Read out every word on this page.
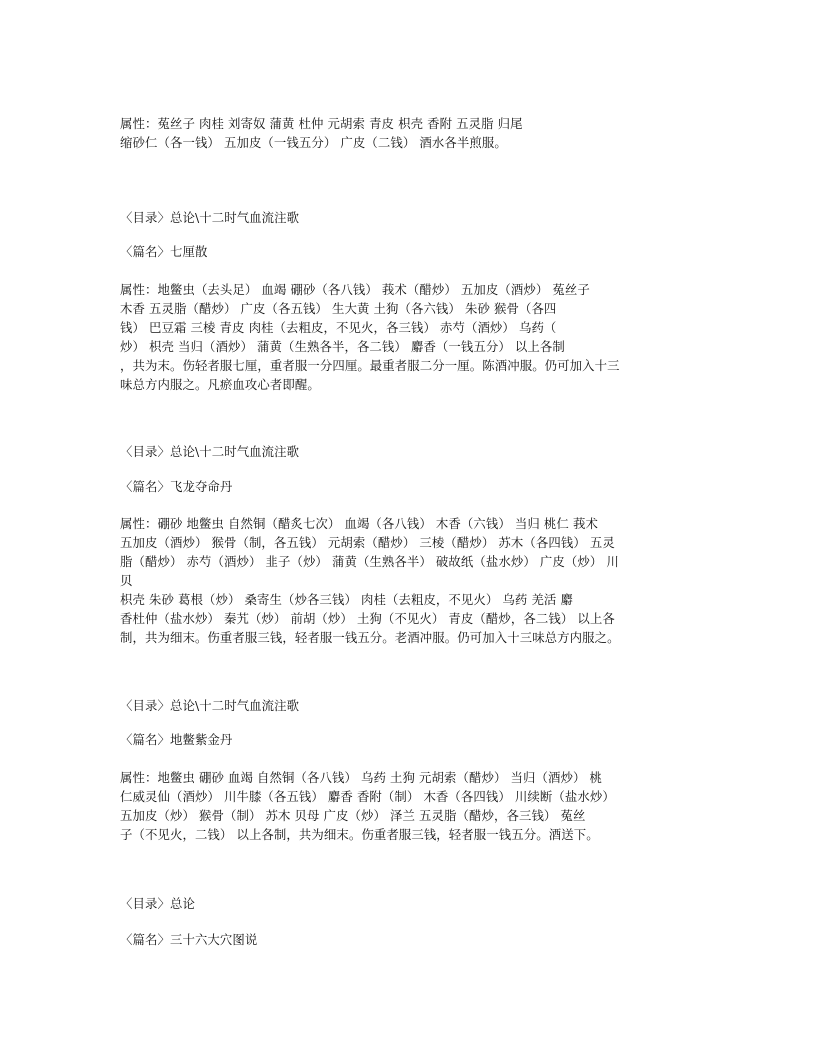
属性：菟丝子 肉桂 刘寄奴 蒲黄 杜仲 元胡索 青皮 枳壳 香附 五灵脂 归尾
缩砂仁（各一钱） 五加皮（一钱五分） 广皮（二钱） 酒水各半煎服。
〈目录〉总论\十二时气血流注歌
〈篇名〉七厘散
属性：地鳖虫（去头足） 血竭 硼砂（各八钱） 莪术（醋炒） 五加皮（酒炒） 菟丝子
木香 五灵脂（醋炒） 广皮（各五钱） 生大黄 土狗（各六钱） 朱砂 猴骨（各四
钱） 巴豆霜 三棱 青皮 肉桂（去粗皮，不见火，各三钱） 赤芍（酒炒） 乌药（
炒） 枳壳 当归（酒炒） 蒲黄（生熟各半，各二钱） 麝香（一钱五分） 以上各制
，共为末。伤轻者服七厘，重者服一分四厘。最重者服二分一厘。陈酒冲服。仍可加入十三
味总方内服之。凡瘀血攻心者即醒。
〈目录〉总论\十二时气血流注歌
〈篇名〉飞龙夺命丹
属性：硼砂 地鳖虫 自然铜（醋炙七次） 血竭（各八钱） 木香（六钱） 当归 桃仁 莪术
五加皮（酒炒） 猴骨（制，各五钱） 元胡索（醋炒） 三棱（醋炒） 苏木（各四钱） 五灵
脂（醋炒） 赤芍（酒炒） 韭子（炒） 蒲黄（生熟各半） 破故纸（盐水炒） 广皮（炒） 川
贝
枳壳 朱砂 葛根（炒） 桑寄生（炒各三钱） 肉桂（去粗皮，不见火） 乌药 羌活 麝
香杜仲（盐水炒） 秦艽（炒） 前胡（炒） 土狗（不见火） 青皮（醋炒，各二钱） 以上各
制，共为细末。伤重者服三钱，轻者服一钱五分。老酒冲服。仍可加入十三味总方内服之。
〈目录〉总论\十二时气血流注歌
〈篇名〉地鳖紫金丹
属性：地鳖虫 硼砂 血竭 自然铜（各八钱） 乌药 土狗 元胡索（醋炒） 当归（酒炒） 桃
仁威灵仙（酒炒） 川牛膝（各五钱） 麝香 香附（制） 木香（各四钱） 川续断（盐水炒）
五加皮（炒） 猴骨（制） 苏木 贝母 广皮（炒） 泽兰 五灵脂（醋炒，各三钱） 菟丝
子（不见火，二钱） 以上各制，共为细末。伤重者服三钱，轻者服一钱五分。酒送下。
〈目录〉总论
〈篇名〉三十六大穴图说
